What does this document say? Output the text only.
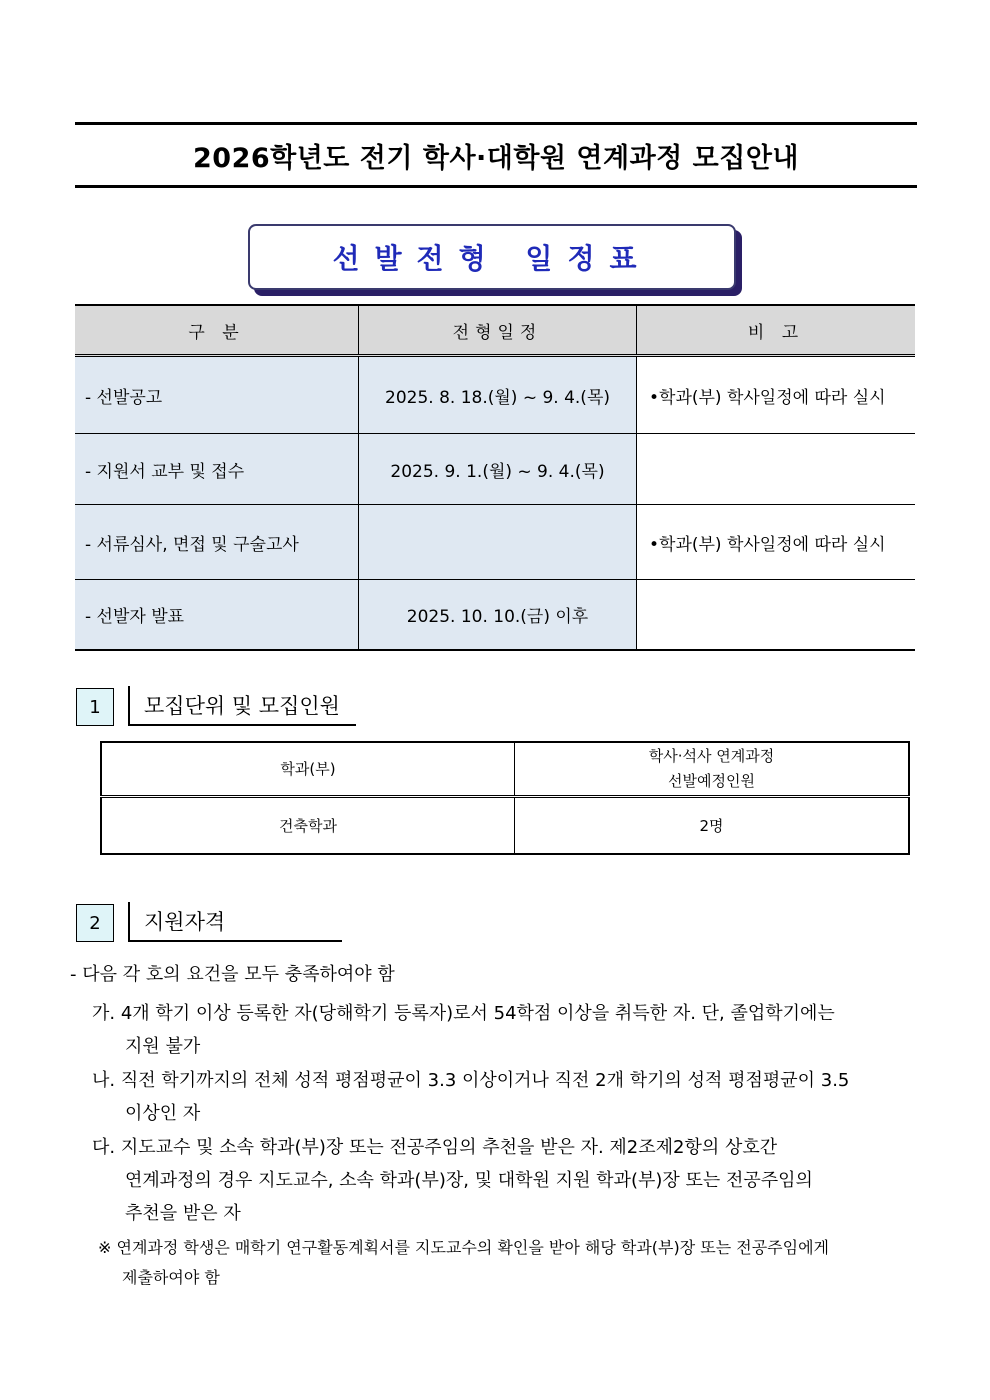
2026학년도 전기 학사·대학원 연계과정 모집안내
선발전형 일정표
구 분	전형일정	비 고
- 선발공고	2025. 8. 18.(월) ~ 9. 4.(목)	•학과(부) 학사일정에 따라 실시
- 지원서 교부 및 접수	2025. 9. 1.(월) ~ 9. 4.(목)	
- 서류심사, 면접 및 구술고사		•학과(부) 학사일정에 따라 실시
- 선발자 발표	2025. 10. 10.(금) 이후	
1	모집단위 및 모집인원
학과(부)	학사·석사 연계과정
선발예정인원

건축학과	2명
2	지원자격
- 다음 각 호의 요건을 모두 충족하여야 함
가. 4개 학기 이상 등록한 자(당해학기 등록자)로서 54학점 이상을 취득한 자. 단, 졸업학기에는
지원 불가
나. 직전 학기까지의 전체 성적 평점평균이 3.3 이상이거나 직전 2개 학기의 성적 평점평균이 3.5
이상인 자
다. 지도교수 및 소속 학과(부)장 또는 전공주임의 추천을 받은 자. 제2조제2항의 상호간
연계과정의 경우 지도교수, 소속 학과(부)장, 및 대학원 지원 학과(부)장 또는 전공주임의
추천을 받은 자
※ 연계과정 학생은 매학기 연구활동계획서를 지도교수의 확인을 받아 해당 학과(부)장 또는 전공주임에게
제출하여야 함
